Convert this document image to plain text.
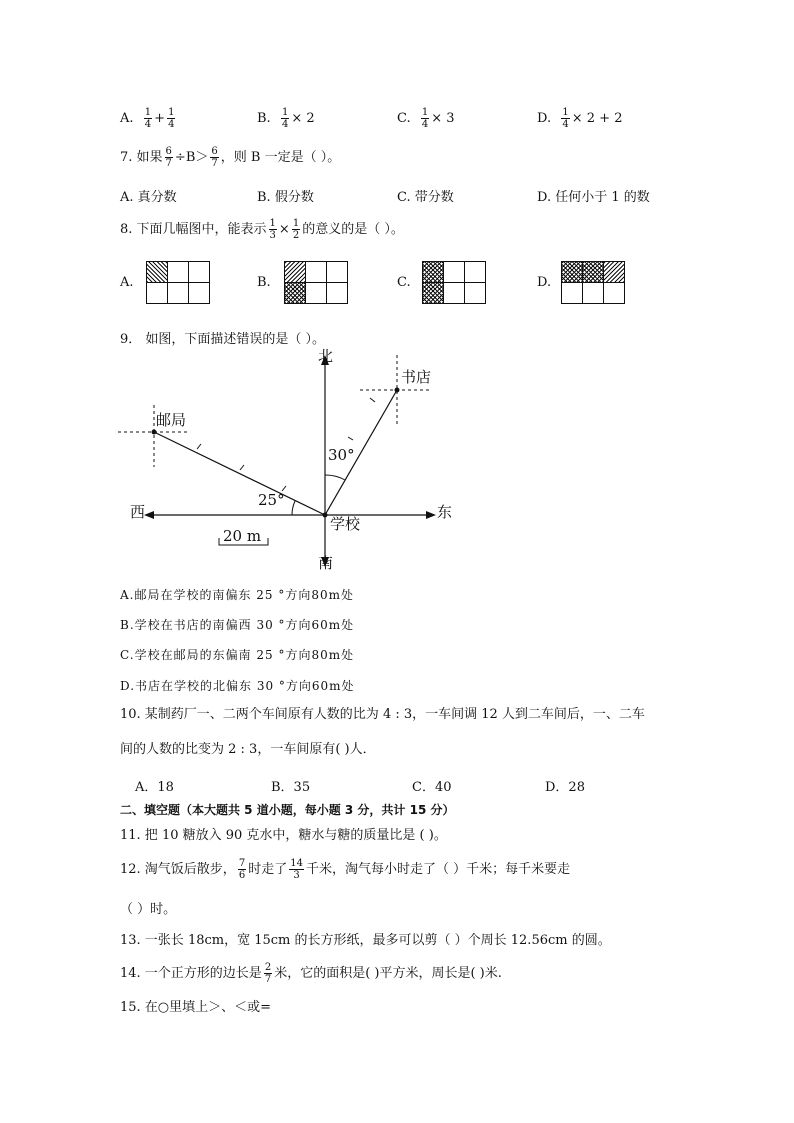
A. $\frac{1}{4} + \frac{1}{4}$	B. $\frac{1}{4} \times 2$	C. $\frac{1}{4} \times 3$	D. $\frac{1}{4} \times 2 + 2$
7. 如果 $\frac{6}{7} \div B> \frac{6}{7}$ ，则 B 一定是（ ）。
A. 真分数	B. 假分数	C. 带分数	D. 任何小于 1 的数
8. 下面几幅图中，能表示 $\frac{1}{3} \times \frac{1}{2}$ 的意义的是（ ）。
A.	B.	C.	D.
9． 如图，下面描述错误的是（ ）。
北
南
西	东
学校
邮局
书店
30°
25°
20 m
A.邮局在学校的南偏东 25 °方向80m处
B.学校在书店的南偏西 30 °方向60m处
C.学校在邮局的东偏南 25 °方向80m处
D.书店在学校的北偏东 30 °方向60m处
10. 某制药厂一、二两个车间原有人数的比为 4 : 3，一车间调 12 人到二车间后，一、二车
间的人数的比变为 2 : 3，一车间原有( )人．
A．18	B．35	C．40	D．28
二、填空题（本大题共 5 道小题，每小题 3 分，共计 15 分）
11. 把 10 糖放入 90 克水中，糖水与糖的质量比是 ( )。
12. 淘气饭后散步， $\frac{7}{6}$ 时走了 $\frac{14}{3}$ 千米，淘气每小时走了（ ）千米；每千米要走
（ ）时。
13. 一张长 18cm，宽 15cm 的长方形纸，最多可以剪（ ）个周长 12.56cm 的圆。
14. 一个正方形的边长是 $\frac{2}{7}$ 米，它的面积是( )平方米，周长是( )米.
15. 在○里填上＞、＜或=
